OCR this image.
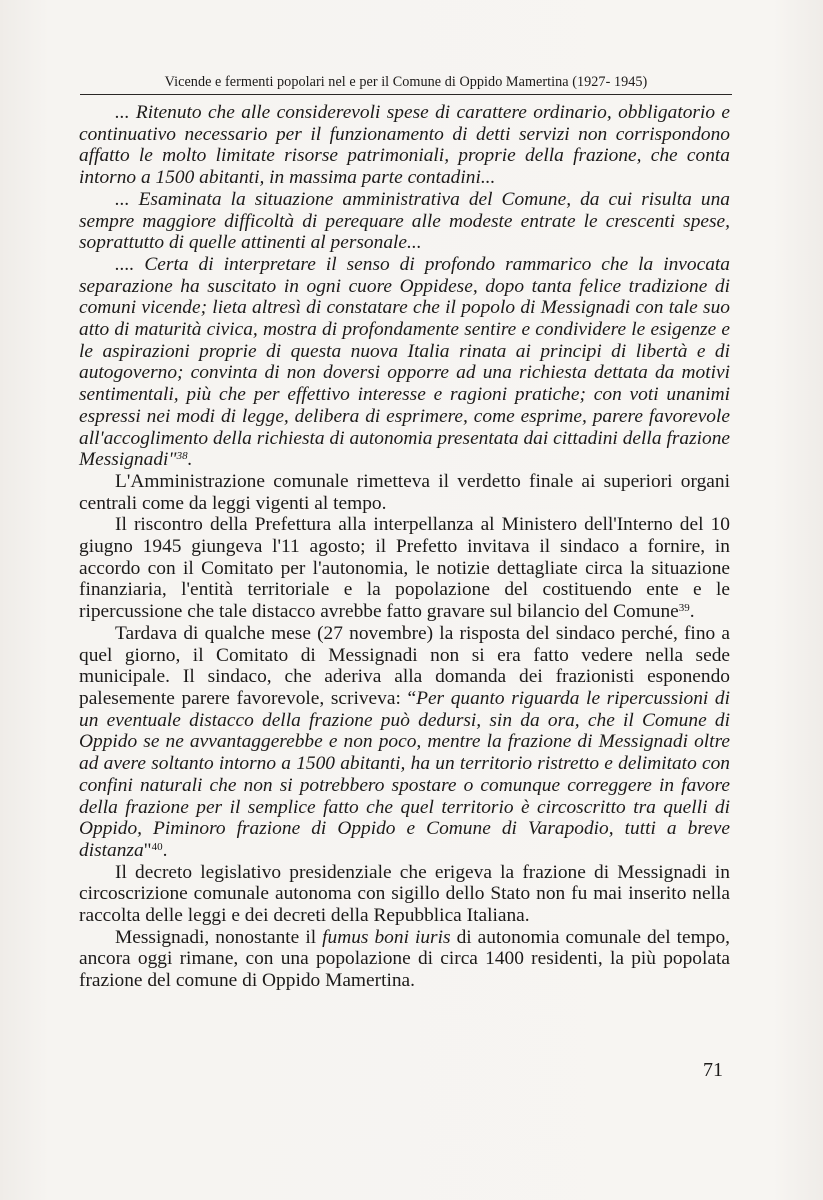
Vicende e fermenti popolari nel e per il Comune di Oppido Mamertina (1927- 1945)

... Ritenuto che alle considerevoli spese di carattere ordinario, obbligatorio e continuativo necessario per il funzionamento di detti servizi non corrispondono affatto le molto limitate risorse patrimoniali, proprie della frazione, che conta intorno a 1500 abitanti, in massima parte contadini...

... Esaminata la situazione amministrativa del Comune, da cui risulta una sempre maggiore difficoltà di perequare alle modeste entrate le crescenti spese, soprattutto di quelle attinenti al personale...

.... Certa di interpretare il senso di profondo rammarico che la invocata separazione ha suscitato in ogni cuore Oppidese, dopo tanta felice tradizione di comuni vicende; lieta altresì di constatare che il popolo di Messignadi con tale suo atto di maturità civica, mostra di profondamente sentire e condividere le esigenze e le aspirazioni proprie di questa nuova Italia rinata ai principi di libertà e di autogoverno; convinta di non doversi opporre ad una richiesta dettata da motivi sentimentali, più che per effettivo interesse e ragioni pratiche; con voti unanimi espressi nei modi di legge, delibera di esprimere, come esprime, parere favorevole all'accoglimento della richiesta di autonomia presentata dai cittadini della frazione Messignadi"$^{38}$.

L'Amministrazione comunale rimetteva il verdetto finale ai superiori organi centrali come da leggi vigenti al tempo.

Il riscontro della Prefettura alla interpellanza al Ministero dell'Interno del 10 giugno 1945 giungeva l'11 agosto; il Prefetto invitava il sindaco a fornire, in accordo con il Comitato per l'autonomia, le notizie dettagliate circa la situazione finanziaria, l'entità territoriale e la popolazione del costituendo ente e le ripercussione che tale distacco avrebbe fatto gravare sul bilancio del Comune$^{39}$.

Tardava di qualche mese (27 novembre) la risposta del sindaco perché, fino a quel giorno, il Comitato di Messignadi non si era fatto vedere nella sede municipale. Il sindaco, che aderiva alla domanda dei frazionisti esponendo palesemente parere favorevole, scriveva: “Per quanto riguarda le ripercussioni di un eventuale distacco della frazione può dedursi, sin da ora, che il Comune di Oppido se ne avvantaggerebbe e non poco, mentre la frazione di Messignadi oltre ad avere soltanto intorno a 1500 abitanti, ha un territorio ristretto e delimitato con confini naturali che non si potrebbero spostare o comunque correggere in favore della frazione per il semplice fatto che quel territorio è circoscritto tra quelli di Oppido, Piminoro frazione di Oppido e Comune di Varapodio, tutti a breve distanza"$^{40}$.

Il decreto legislativo presidenziale che erigeva la frazione di Messignadi in circoscrizione comunale autonoma con sigillo dello Stato non fu mai inserito nella raccolta delle leggi e dei decreti della Repubblica Italiana.

Messignadi, nonostante il fumus boni iuris di autonomia comunale del tempo, ancora oggi rimane, con una popolazione di circa 1400 residenti, la più popolata frazione del comune di Oppido Mamertina.

71
